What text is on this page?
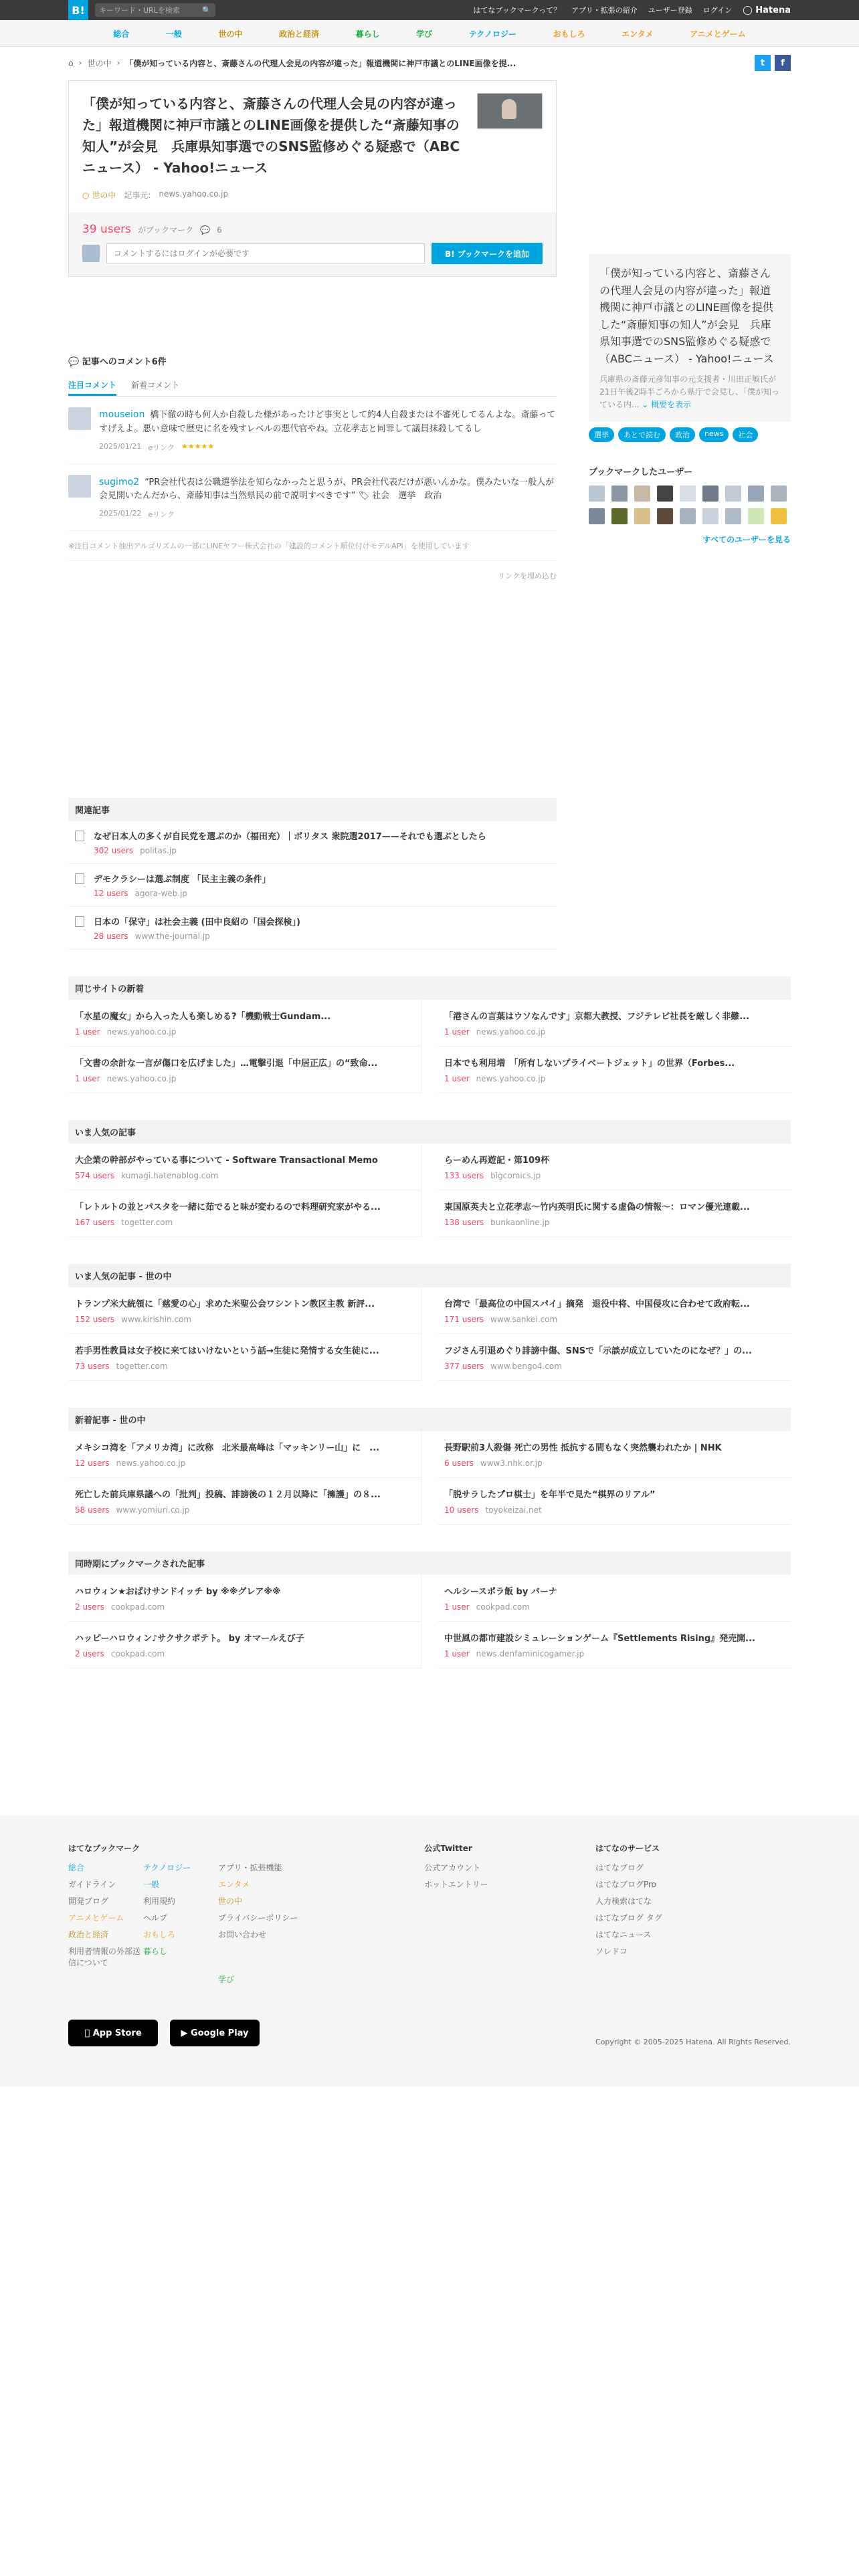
B!	キーワード・URLを検索	🔍	はてなブックマークって？ アプリ・拡張の紹介 ユーザー登録 ログイン ◯ Hatena
総合	一般	世の中	政治と経済	暮らし	学び	テクノロジー	おもしろ	エンタメ	アニメとゲーム
⌂ › 世の中 › 「僕が知っている内容と、斎藤さんの代理人会見の内容が違った」報道機関に神戸市議とのLINE画像を提...	t	f
「僕が知っている内容と、斎藤さんの代理人会見の内容が違った」報道機関に神戸市議とのLINE画像を提供した“斎藤知事の知人”が会見　兵庫県知事選でのSNS監修めぐる疑惑で（ABCニュース） - Yahoo!ニュース
○ 世の中 記事元: news.yahoo.co.jp
39 users がブックマーク 💬 6
コメントするにはログインが必要です
B! ブックマークを追加
💬 記事へのコメント6件
注目コメント 新着コメント
mouseion 橋下徹の時も何人か自殺した様があったけど事実として約4人自殺または不審死してるんよな。斎藤ってすげえよ。悪い意味で歴史に名を残すレベルの悪代官やね。立花孝志と同罪して議員抹殺してるし
2025/01/21 eリンク ★★★★★
sugimo2 “PR会社代表は公職選挙法を知らなかったと思うが、PR会社代表だけが悪いんかな。僕みたいな一般人が会見開いたんだから、斎藤知事は当然県民の前で説明すべきです” 🏷 社会　選挙　政治
2025/01/22 eリンク
※注目コメント抽出アルゴリズムの一部にLINEヤフー株式会社の「建設的コメント順位付けモデルAPI」を使用しています
リンクを埋め込む
関連記事
なぜ日本人の多くが自民党を選ぶのか（福田充）｜ポリタス 衆院選2017——それでも選ぶとしたら
302 users politas.jp
デモクラシーは選ぶ制度 「民主主義の条件」
12 users agora-web.jp
日本の「保守」は社会主義 (田中良紹の「国会探検」)
28 users www.the-journal.jp
「僕が知っている内容と、斎藤さんの代理人会見の内容が違った」報道機関に神戸市議とのLINE画像を提供した“斎藤知事の知人”が会見　兵庫県知事選でのSNS監修めぐる疑惑で（ABCニュース） - Yahoo!ニュース
兵庫県の斎藤元彦知事の元支援者・川田正敏氏が21日午後2時半ごろから県庁で会見し、「僕が知っている内... ⌄ 概要を表示
選挙	あとで読む	政治	news	社会
ブックマークしたユーザー
すべてのユーザーを見る
同じサイトの新着
「水星の魔女」から入った人も楽しめる?「機動戦士Gundam...
1 user news.yahoo.co.jp
「港さんの言葉はウソなんです」京都大教授、フジテレビ社長を厳しく非難...
1 user news.yahoo.co.jp
「文書の余計な一言が傷口を広げました」…電撃引退「中居正広」の“致命...
1 user news.yahoo.co.jp
日本でも利用増　「所有しないプライベートジェット」の世界（Forbes...
1 user news.yahoo.co.jp
いま人気の記事
大企業の幹部がやっている事について - Software Transactional Memo
574 users kumagi.hatenablog.com
らーめん再遊記・第109杯
133 users bigcomics.jp
「レトルトの並とパスタを一緒に茹でると味が変わるので料理研究家がやる...
167 users togetter.com
東国原英夫と立花孝志〜竹内英明氏に関する虚偽の情報〜：ロマン優光連載...
138 users bunkaonline.jp
いま人気の記事 - 世の中
トランプ米大統領に「慈愛の心」求めた米聖公会ワシントン教区主教 新評...
152 users www.kirishin.com
台湾で「最高位の中国スパイ」摘発　退役中将、中国侵攻に合わせて政府転...
171 users www.sankei.com
若手男性教員は女子校に来てはいけないという話→生徒に発情する女生徒に...
73 users togetter.com
フジさん引退めぐり誹謗中傷、SNSで「示談が成立していたのになぜ？」の...
377 users www.bengo4.com
新着記事 - 世の中
メキシコ湾を「アメリカ湾」に改称　北米最高峰は「マッキンリー山」に　...
12 users news.yahoo.co.jp
長野駅前3人殺傷 死亡の男性 抵抗する間もなく突然襲われたか | NHK
6 users www3.nhk.or.jp
死亡した前兵庫県議への「批判」投稿、誹謗後の１２月以降に「擁護」の８...
58 users www.yomiuri.co.jp
「脱サラしたプロ棋士」を年半で見た“棋界のリアル”
10 users toyokeizai.net
同時期にブックマークされた記事
ハロウィン★おばけサンドイッチ by ※※グレア※※
2 users cookpad.com
ヘルシースポラ飯 by バーナ
1 user cookpad.com
ハッピーハロウィン♪サクサクポテト。 by オマールえび子
2 users cookpad.com
中世風の都市建設シミュレーションゲーム『Settlements Rising』発売開...
1 user news.denfaminicogamer.jp
はてなブックマーク
総合	テクノロジー	アプリ・拡張機能
ガイドライン	一般	エンタメ
開発ブログ	利用規約	世の中
アニメとゲーム	ヘルプ	プライバシーポリシー
政治と経済	おもしろ	お問い合わせ
利用者情報の外部送信について
暮らし
学び

App Store	▶
Google Play
公式Twitter
公式アカウント
ホットエントリー
はてなのサービス
はてなブログ
はてなブログPro
人力検索はてな
はてなブログ タグ
はてなニュース
ソレドコ
Copyright © 2005-2025 Hatena. All Rights Reserved.
